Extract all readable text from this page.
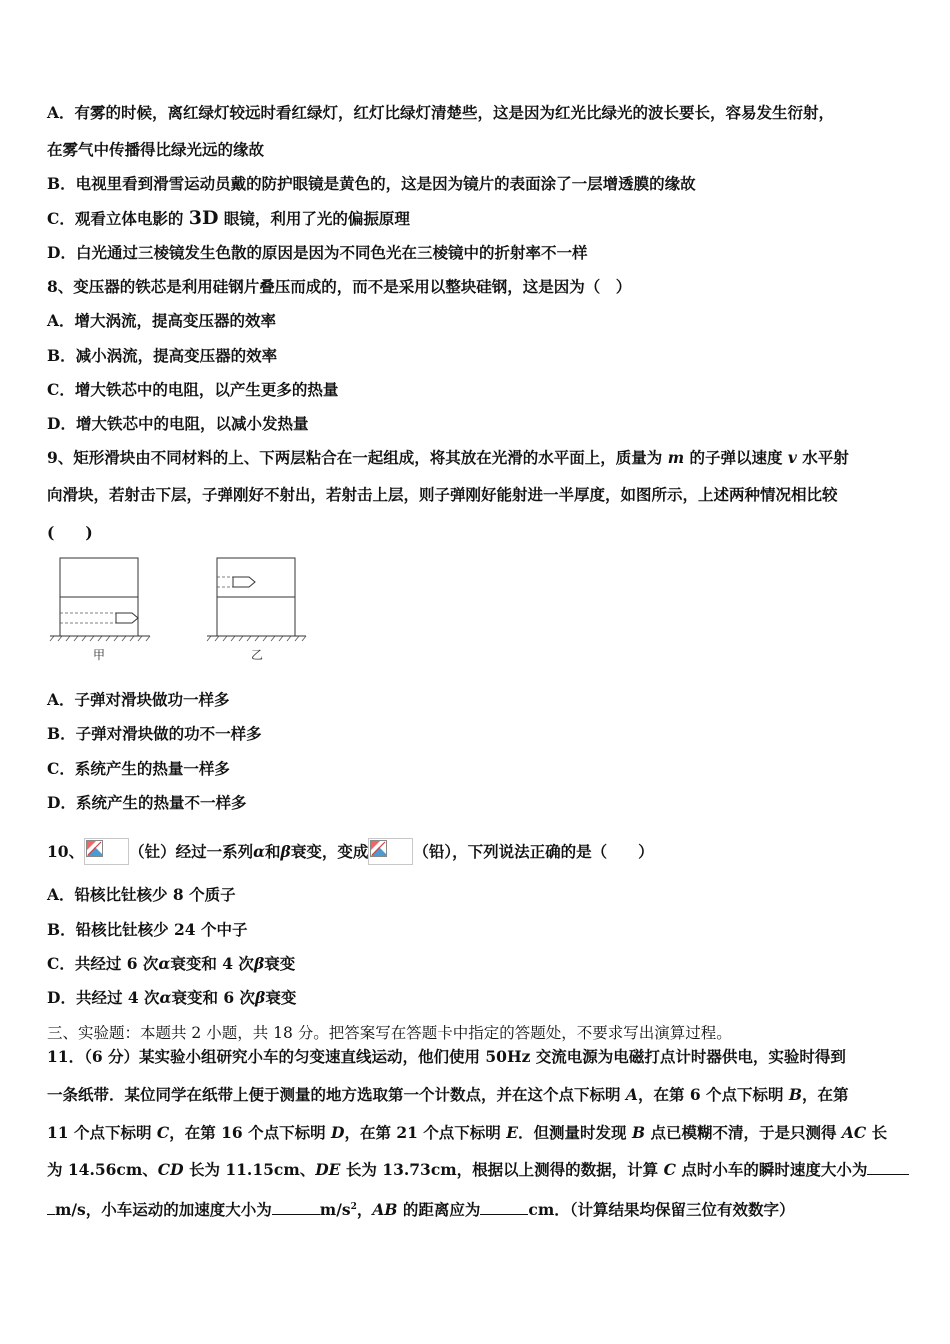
A．有雾的时候，离红绿灯较远时看红绿灯，红灯比绿灯清楚些，这是因为红光比绿光的波长要长，容易发生衍射，
在雾气中传播得比绿光远的缘故
B．电视里看到滑雪运动员戴的防护眼镜是黄色的，这是因为镜片的表面涂了一层增透膜的缘故
C．观看立体电影的 3D 眼镜，利用了光的偏振原理
D．白光通过三棱镜发生色散的原因是因为不同色光在三棱镜中的折射率不一样
8、变压器的铁芯是利用硅钢片叠压而成的，而不是采用以整块硅钢，这是因为（　）
A．增大涡流，提高变压器的效率
B．减小涡流，提高变压器的效率
C．增大铁芯中的电阻，以产生更多的热量
D．增大铁芯中的电阻，以减小发热量
9、矩形滑块由不同材料的上、下两层粘合在一起组成，将其放在光滑的水平面上，质量为 m 的子弹以速度 v 水平射
向滑块，若射击下层，子弹刚好不射出，若射击上层，则子弹刚好能射进一半厚度，如图所示，上述两种情况相比较
(　　)
甲	乙
A．子弹对滑块做功一样多
B．子弹对滑块做的功不一样多
C．系统产生的热量一样多
D．系统产生的热量不一样多
10、	（钍）经过一系列α和β衰变，变成	（铅），下列说法正确的是（　　）
A．铅核比钍核少 8 个质子
B．铅核比钍核少 24 个中子
C．共经过 6 次α衰变和 4 次β衰变
D．共经过 4 次α衰变和 6 次β衰变
三、实验题：本题共 2 小题，共 18 分。把答案写在答题卡中指定的答题处，不要求写出演算过程。
11．（6 分）某实验小组研究小车的匀变速直线运动，他们使用 50Hz 交流电源为电磁打点计时器供电，实验时得到
一条纸带．某位同学在纸带上便于测量的地方选取第一个计数点，并在这个点下标明 A，在第 6 个点下标明 B，在第
11 个点下标明 C，在第 16 个点下标明 D，在第 21 个点下标明 E．但测量时发现 B 点已模糊不清，于是只测得 AC 长
为 14.56cm、CD 长为 11.15cm、DE 长为 13.73cm，根据以上测得的数据，计算 C 点时小车的瞬时速度大小为
m/s，小车运动的加速度大小为	$m/s^2$，AB 的距离应为	cm．（计算结果均保留三位有效数字）
